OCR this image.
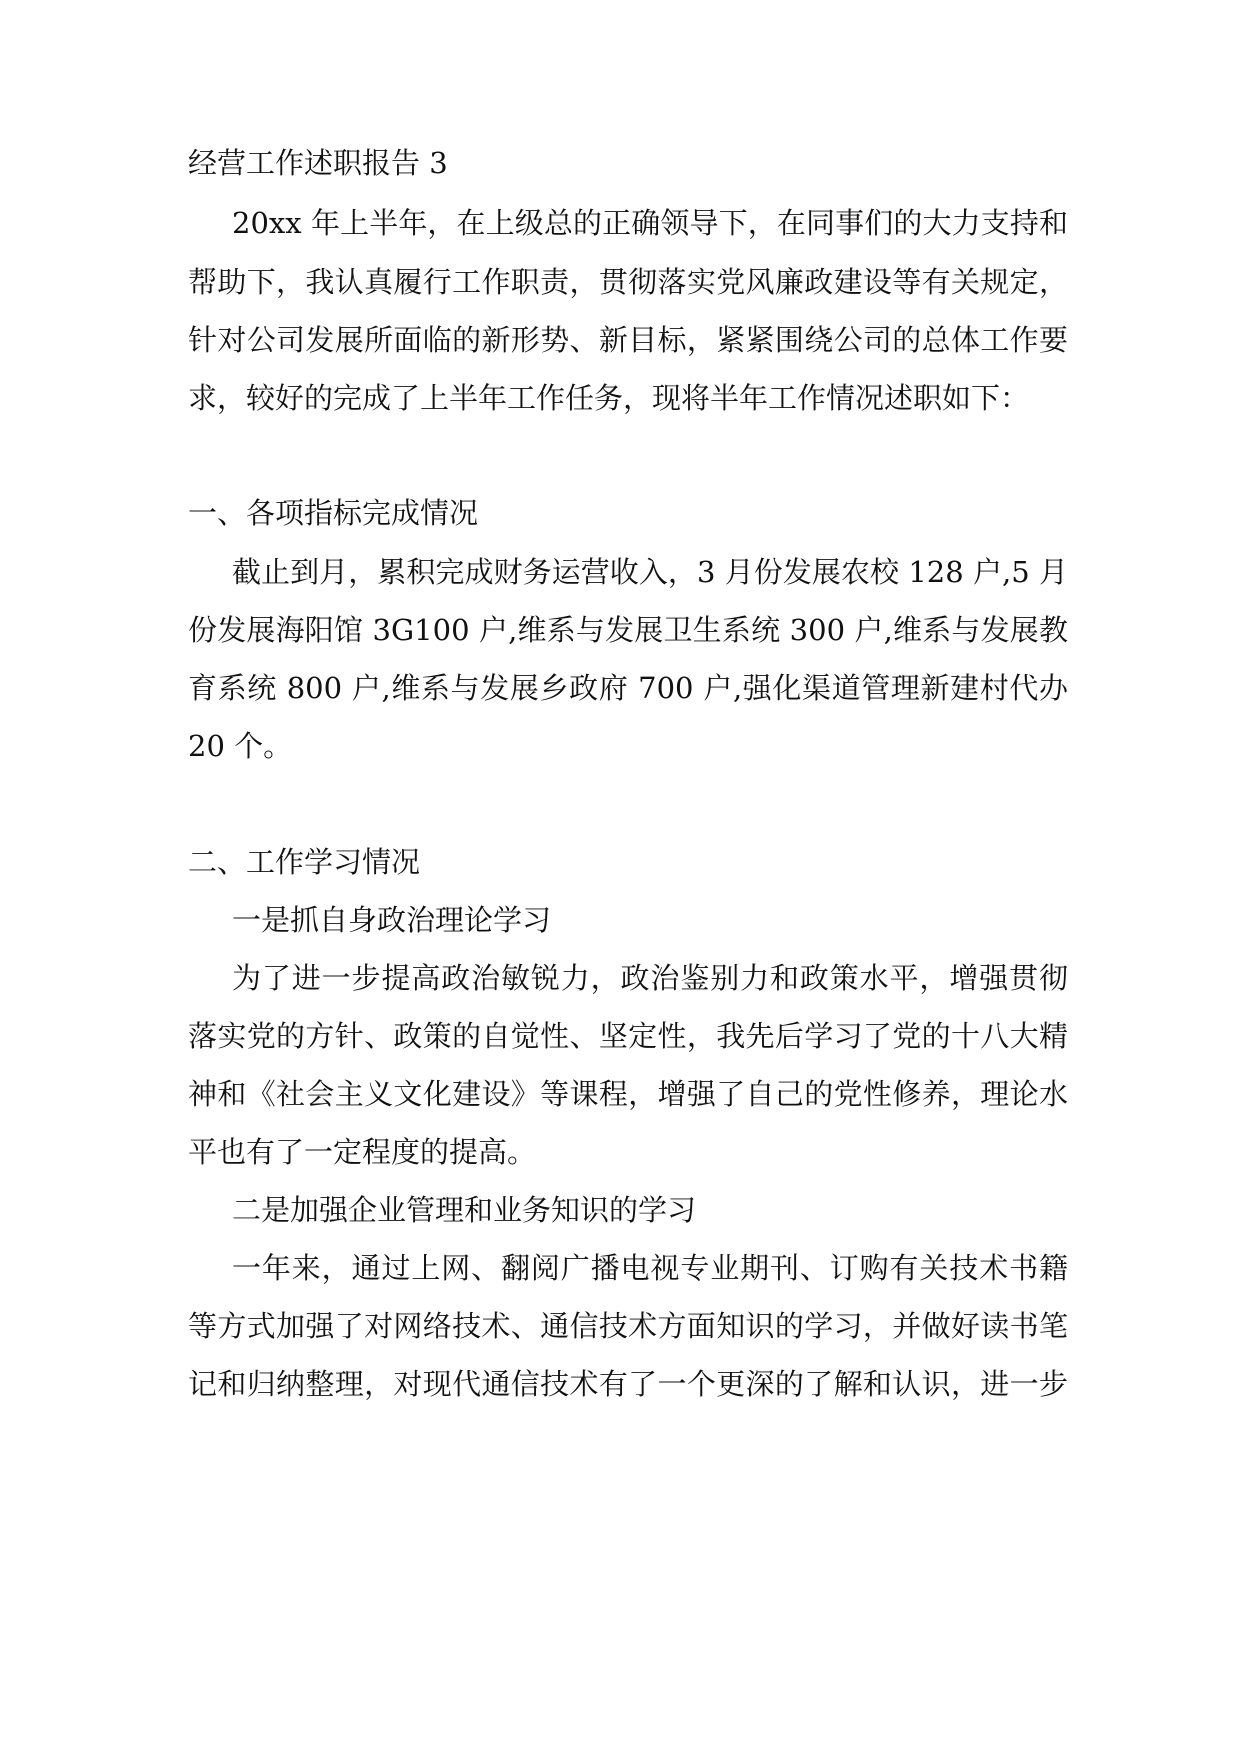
经营工作述职报告 3
20xx 年上半年，在上级总的正确领导下，在同事们的大力支持和
帮助下，我认真履行工作职责，贯彻落实党风廉政建设等有关规定，
针对公司发展所面临的新形势、新目标，紧紧围绕公司的总体工作要
求，较好的完成了上半年工作任务，现将半年工作情况述职如下：
一、各项指标完成情况
截止到月，累积完成财务运营收入，3 月份发展农校 128 户,5 月
份发展海阳馆 3G100 户,维系与发展卫生系统 300 户,维系与发展教
育系统 800 户,维系与发展乡政府 700 户,强化渠道管理新建村代办
20 个。
二、工作学习情况
一是抓自身政治理论学习
为了进一步提高政治敏锐力，政治鉴别力和政策水平，增强贯彻
落实党的方针、政策的自觉性、坚定性，我先后学习了党的十八大精
神和《社会主义文化建设》等课程，增强了自己的党性修养，理论水
平也有了一定程度的提高。
二是加强企业管理和业务知识的学习
一年来，通过上网、翻阅广播电视专业期刊、订购有关技术书籍
等方式加强了对网络技术、通信技术方面知识的学习，并做好读书笔
记和归纳整理，对现代通信技术有了一个更深的了解和认识，进一步
